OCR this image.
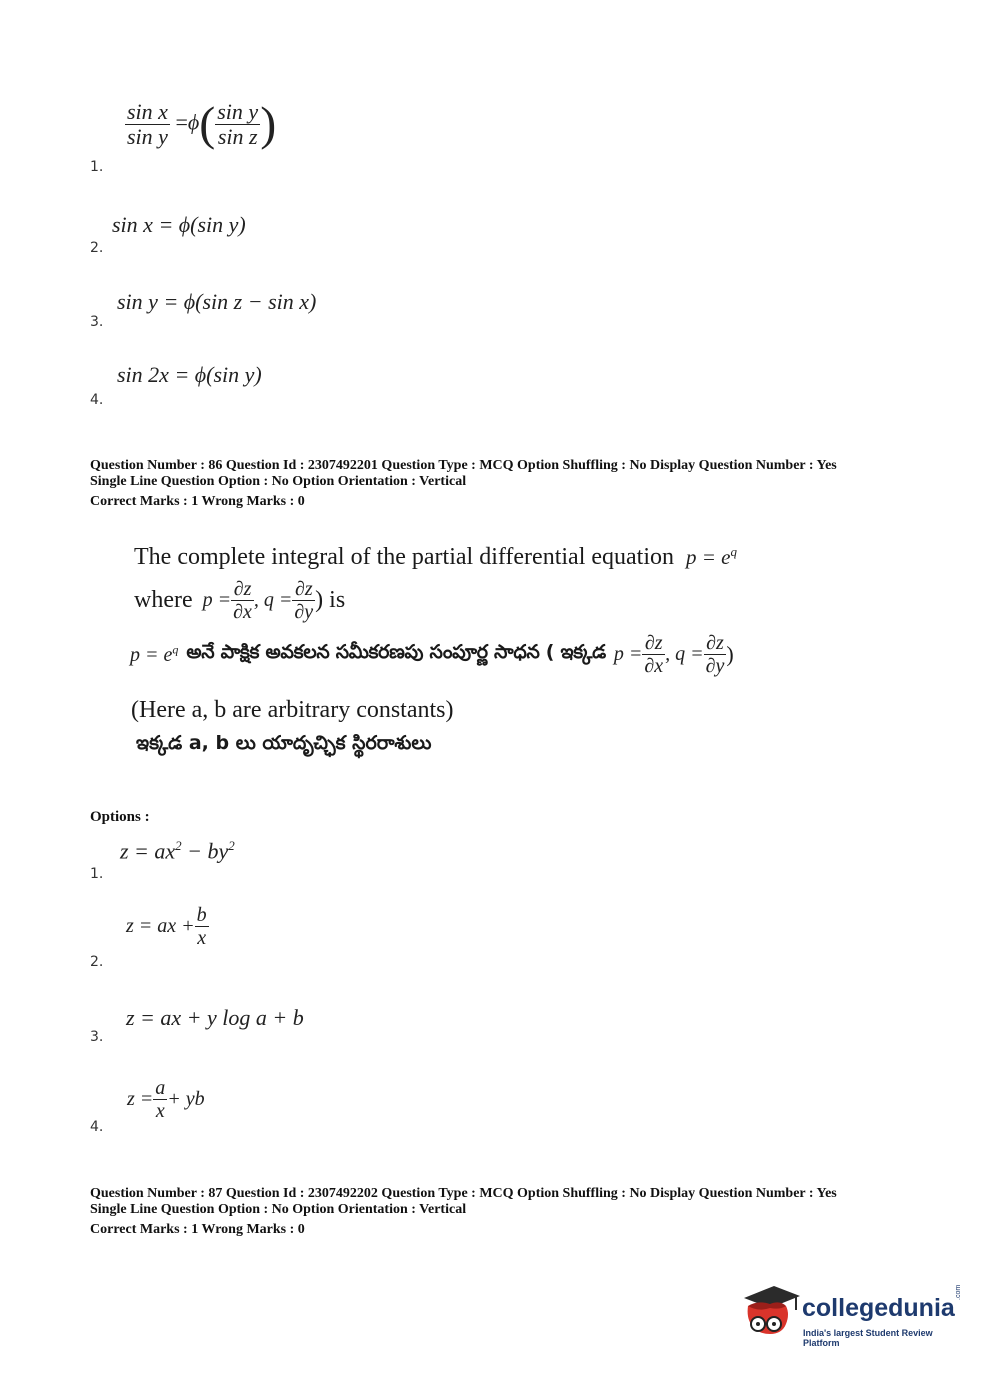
$\frac{\text{sin x}}{\text{sin y}} =\phi( \frac{\text{sin y}}{\text{sin z}}$ )
1.
sin x = ϕ(sin y)
2.
sin y = ϕ(sin z − sin x)
3.
sin 2x = ϕ(sin y)
4.
Question Number : 86 Question Id : 2307492201 Question Type : MCQ Option Shuffling : No Display Question Number : Yes
Single Line Question Option : No Option Orientation : Vertical
Correct Marks : 1 Wrong Marks : 0
The complete integral of the partial differential equation $p = e^q$
where $p = \frac{\partial z}{\partial x}$ , $q = \frac{\partial z}{\partial y}$ ) is
$p = e^q$ అనే పాక్షిక అవకలన సమీకరణపు సంపూర్ణ సాధన ( ఇక్కడ $p = \frac{\partial z}{\partial x}$ , $q = \frac{\partial z}{\partial y}$ )
(Here a, b are arbitrary constants)
ఇక్కడ a, b లు యాదృచ్ఛిక స్థిరరాశులు
Options :
$z = ax^2 - by^2$
1.
z = ax + $\frac{b}{x}$
2.
z = ax + y log a + b
3.
$z = \frac{a}{x}$ + yb
4.
Question Number : 87 Question Id : 2307492202 Question Type : MCQ Option Shuffling : No Display Question Number : Yes
Single Line Question Option : No Option Orientation : Vertical
Correct Marks : 1 Wrong Marks : 0
collegedunia
.com
India's largest Student Review Platform
